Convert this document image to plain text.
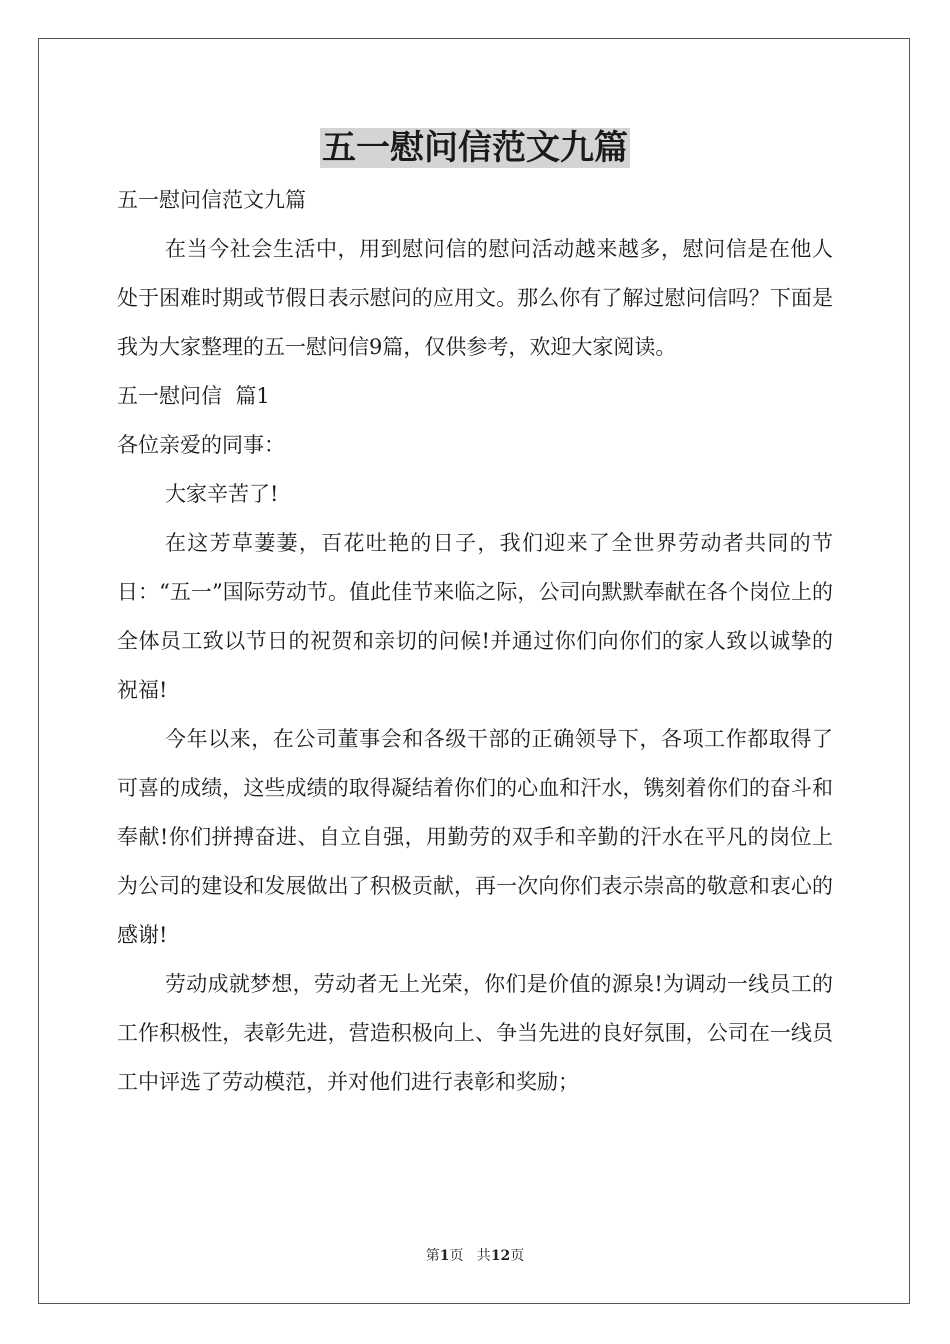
五一慰问信范文九篇

五一慰问信范文九篇

在当今社会生活中，用到慰问信的慰问活动越来越多，慰问信是在他人处于困难时期或节假日表示慰问的应用文。那么你有了解过慰问信吗？下面是我为大家整理的五一慰问信9篇，仅供参考，欢迎大家阅读。

五一慰问信  篇1

各位亲爱的同事：

大家辛苦了!

在这芳草萋萋，百花吐艳的日子，我们迎来了全世界劳动者共同的节日：“五一”国际劳动节。值此佳节来临之际，公司向默默奉献在各个岗位上的全体员工致以节日的祝贺和亲切的问候!并通过你们向你们的家人致以诚挚的祝福!

今年以来，在公司董事会和各级干部的正确领导下，各项工作都取得了可喜的成绩，这些成绩的取得凝结着你们的心血和汗水，镌刻着你们的奋斗和奉献!你们拼搏奋进、自立自强，用勤劳的双手和辛勤的汗水在平凡的岗位上为公司的建设和发展做出了积极贡献，再一次向你们表示崇高的敬意和衷心的感谢!

劳动成就梦想，劳动者无上光荣，你们是价值的源泉!为调动一线员工的工作积极性，表彰先进，营造积极向上、争当先进的良好氛围，公司在一线员工中评选了劳动模范，并对他们进行表彰和奖励；

第1页   共12页
